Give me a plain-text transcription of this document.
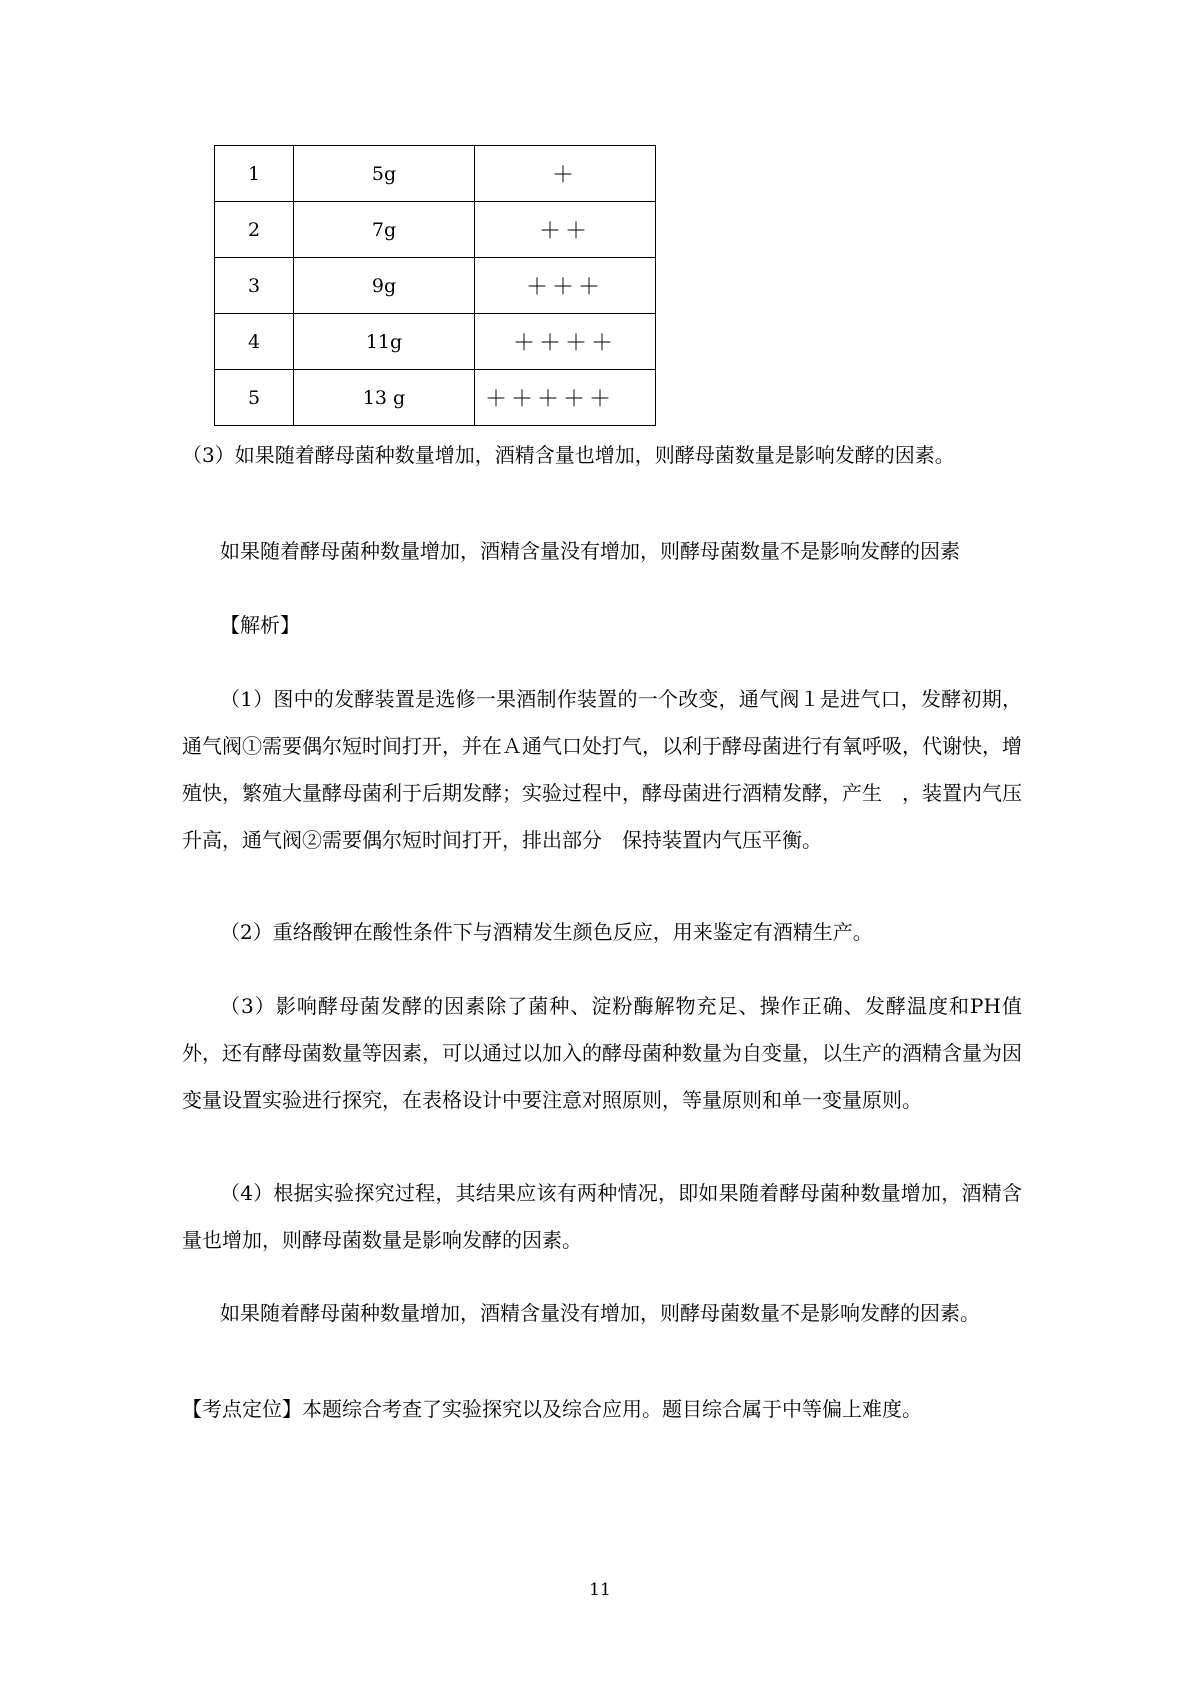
1	5g	＋
2	7g	＋＋
3	9g	＋＋＋
4	11g	＋＋＋＋
5	13 g	＋＋＋＋＋

（3）如果随着酵母菌种数量增加，酒精含量也增加，则酵母菌数量是影响发酵的因素。

如果随着酵母菌种数量增加，酒精含量没有增加，则酵母菌数量不是影响发酵的因素

【解析】

（1）图中的发酵装置是选修一果酒制作装置的一个改变，通气阀１是进气口，发酵初期，通气阀①需要偶尔短时间打开，并在Ａ通气口处打气，以利于酵母菌进行有氧呼吸，代谢快，增殖快，繁殖大量酵母菌利于后期发酵；实验过程中，酵母菌进行酒精发酵，产生　，装置内气压升高，通气阀②需要偶尔短时间打开，排出部分　保持装置内气压平衡。

（2）重络酸钾在酸性条件下与酒精发生颜色反应，用来鉴定有酒精生产。

（3）影响酵母菌发酵的因素除了菌种、淀粉酶解物充足、操作正确、发酵温度和PH值外，还有酵母菌数量等因素，可以通过以加入的酵母菌种数量为自变量，以生产的酒精含量为因变量设置实验进行探究，在表格设计中要注意对照原则，等量原则和单一变量原则。

（4）根据实验探究过程，其结果应该有两种情况，即如果随着酵母菌种数量增加，酒精含量也增加，则酵母菌数量是影响发酵的因素。

如果随着酵母菌种数量增加，酒精含量没有增加，则酵母菌数量不是影响发酵的因素。

【考点定位】本题综合考查了实验探究以及综合应用。题目综合属于中等偏上难度。

11
